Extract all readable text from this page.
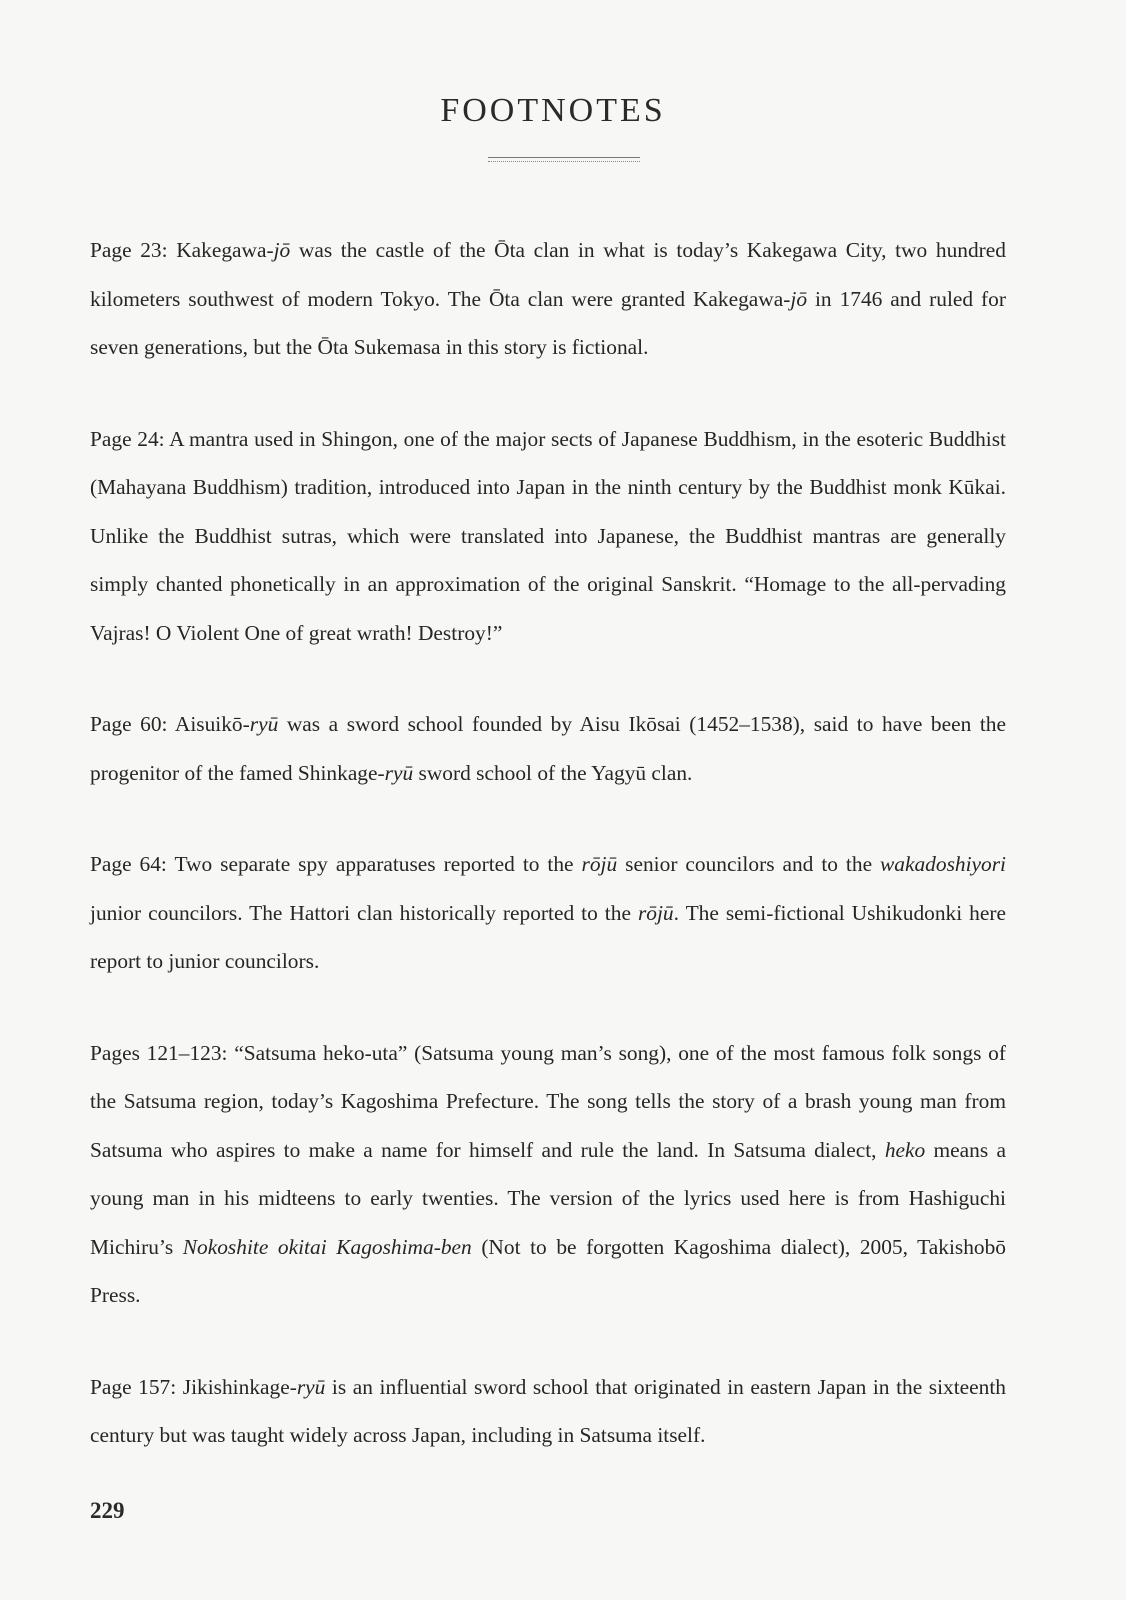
FOOTNOTES

Page 23: Kakegawa-jō was the castle of the Ōta clan in what is today’s Kakegawa City, two hundred kilometers southwest of modern Tokyo. The Ōta clan were granted Kakegawa-jō in 1746 and ruled for seven generations, but the Ōta Sukemasa in this story is fictional.

Page 24: A mantra used in Shingon, one of the major sects of Japanese Buddhism, in the esoteric Buddhist (Mahayana Buddhism) tradition, introduced into Japan in the ninth century by the Buddhist monk Kūkai. Unlike the Buddhist sutras, which were translated into Japanese, the Buddhist mantras are generally simply chanted phonetically in an approximation of the original Sanskrit. “Homage to the all-pervading Vajras! O Violent One of great wrath! Destroy!”

Page 60: Aisuikō-ryū was a sword school founded by Aisu Ikōsai (1452–1538), said to have been the progenitor of the famed Shinkage-ryū sword school of the Yagyū clan.

Page 64: Two separate spy apparatuses reported to the rōjū senior councilors and to the wakadoshiyori junior councilors. The Hattori clan historically reported to the rōjū. The semi-fictional Ushikudonki here report to junior councilors.

Pages 121–123: “Satsuma heko-uta” (Satsuma young man’s song), one of the most famous folk songs of the Satsuma region, today’s Kagoshima Prefecture. The song tells the story of a brash young man from Satsuma who aspires to make a name for himself and rule the land. In Satsuma dialect, heko means a young man in his midteens to early twenties. The version of the lyrics used here is from Hashiguchi Michiru’s Nokoshite okitai Kagoshima-ben (Not to be forgotten Kagoshima dialect), 2005, Takishobō Press.

Page 157: Jikishinkage-ryū is an influential sword school that originated in eastern Japan in the sixteenth century but was taught widely across Japan, including in Satsuma itself.

229
